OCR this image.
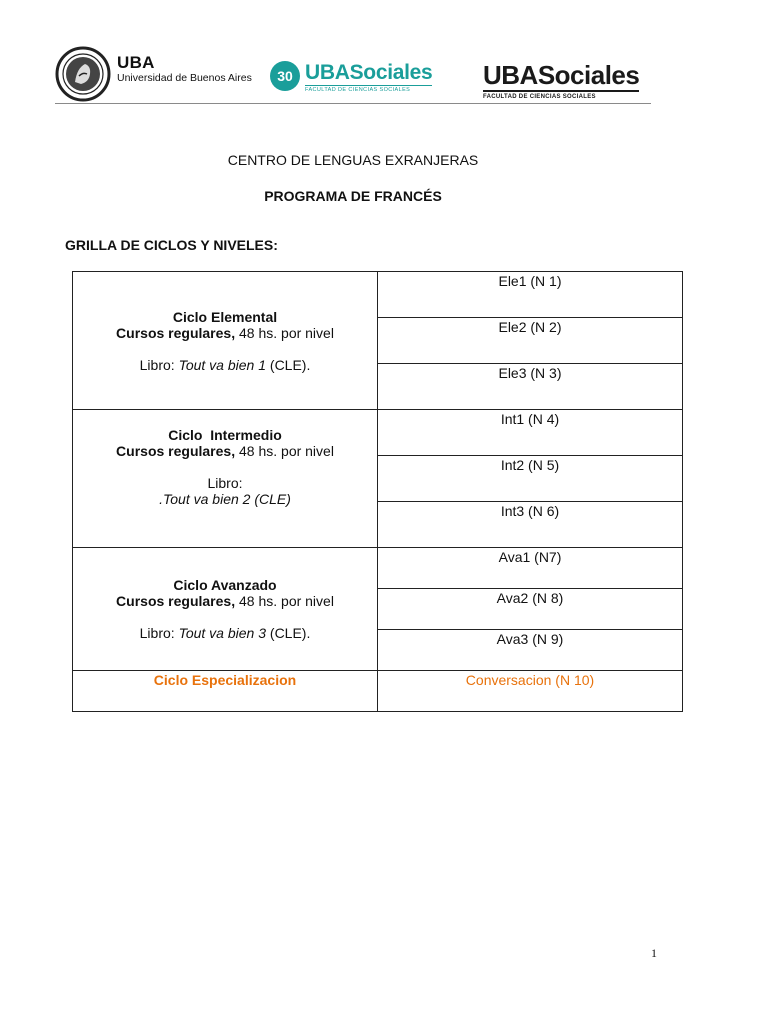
UBA
Universidad de Buenos Aires 30 UBASociales
FACULTAD DE CIENCIAS SOCIALES	UBASociales
FACULTAD DE CIENCIAS SOCIALES
CENTRO DE LENGUAS EXRANJERAS
PROGRAMA DE FRANCÉS
GRILLA DE CICLOS Y NIVELES:
Ciclo Elemental
Cursos regulares, 48 hs. por nivel
Libro: Tout va bien 1 (CLE).	Ele1 (N 1)

	Ele2 (N 2)

	Ele3 (N 3)

Ciclo  Intermedio
Cursos regulares, 48 hs. por nivel
Libro:
.Tout va bien 2 (CLE)	Int1 (N 4)

	Int2 (N 5)

	Int3 (N 6)

Ciclo Avanzado
Cursos regulares, 48 hs. por nivel
Libro: Tout va bien 3 (CLE).	Ava1 (N7)

	Ava2 (N 8)

	Ava3 (N 9)

Ciclo Especializacion	Conversacion (N 10)
1
